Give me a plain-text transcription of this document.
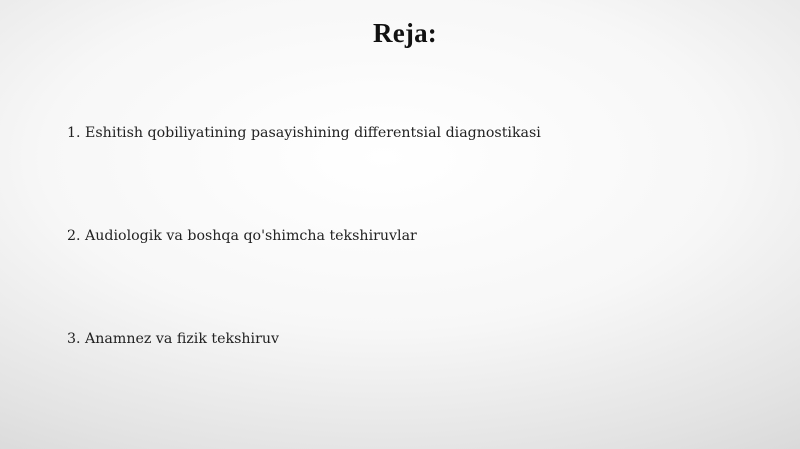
Reja:
1. Eshitish qobiliyatining pasayishining differentsial diagnostikasi
2. Audiologik va boshqa qo'shimcha tekshiruvlar
3. Anamnez va fizik tekshiruv
